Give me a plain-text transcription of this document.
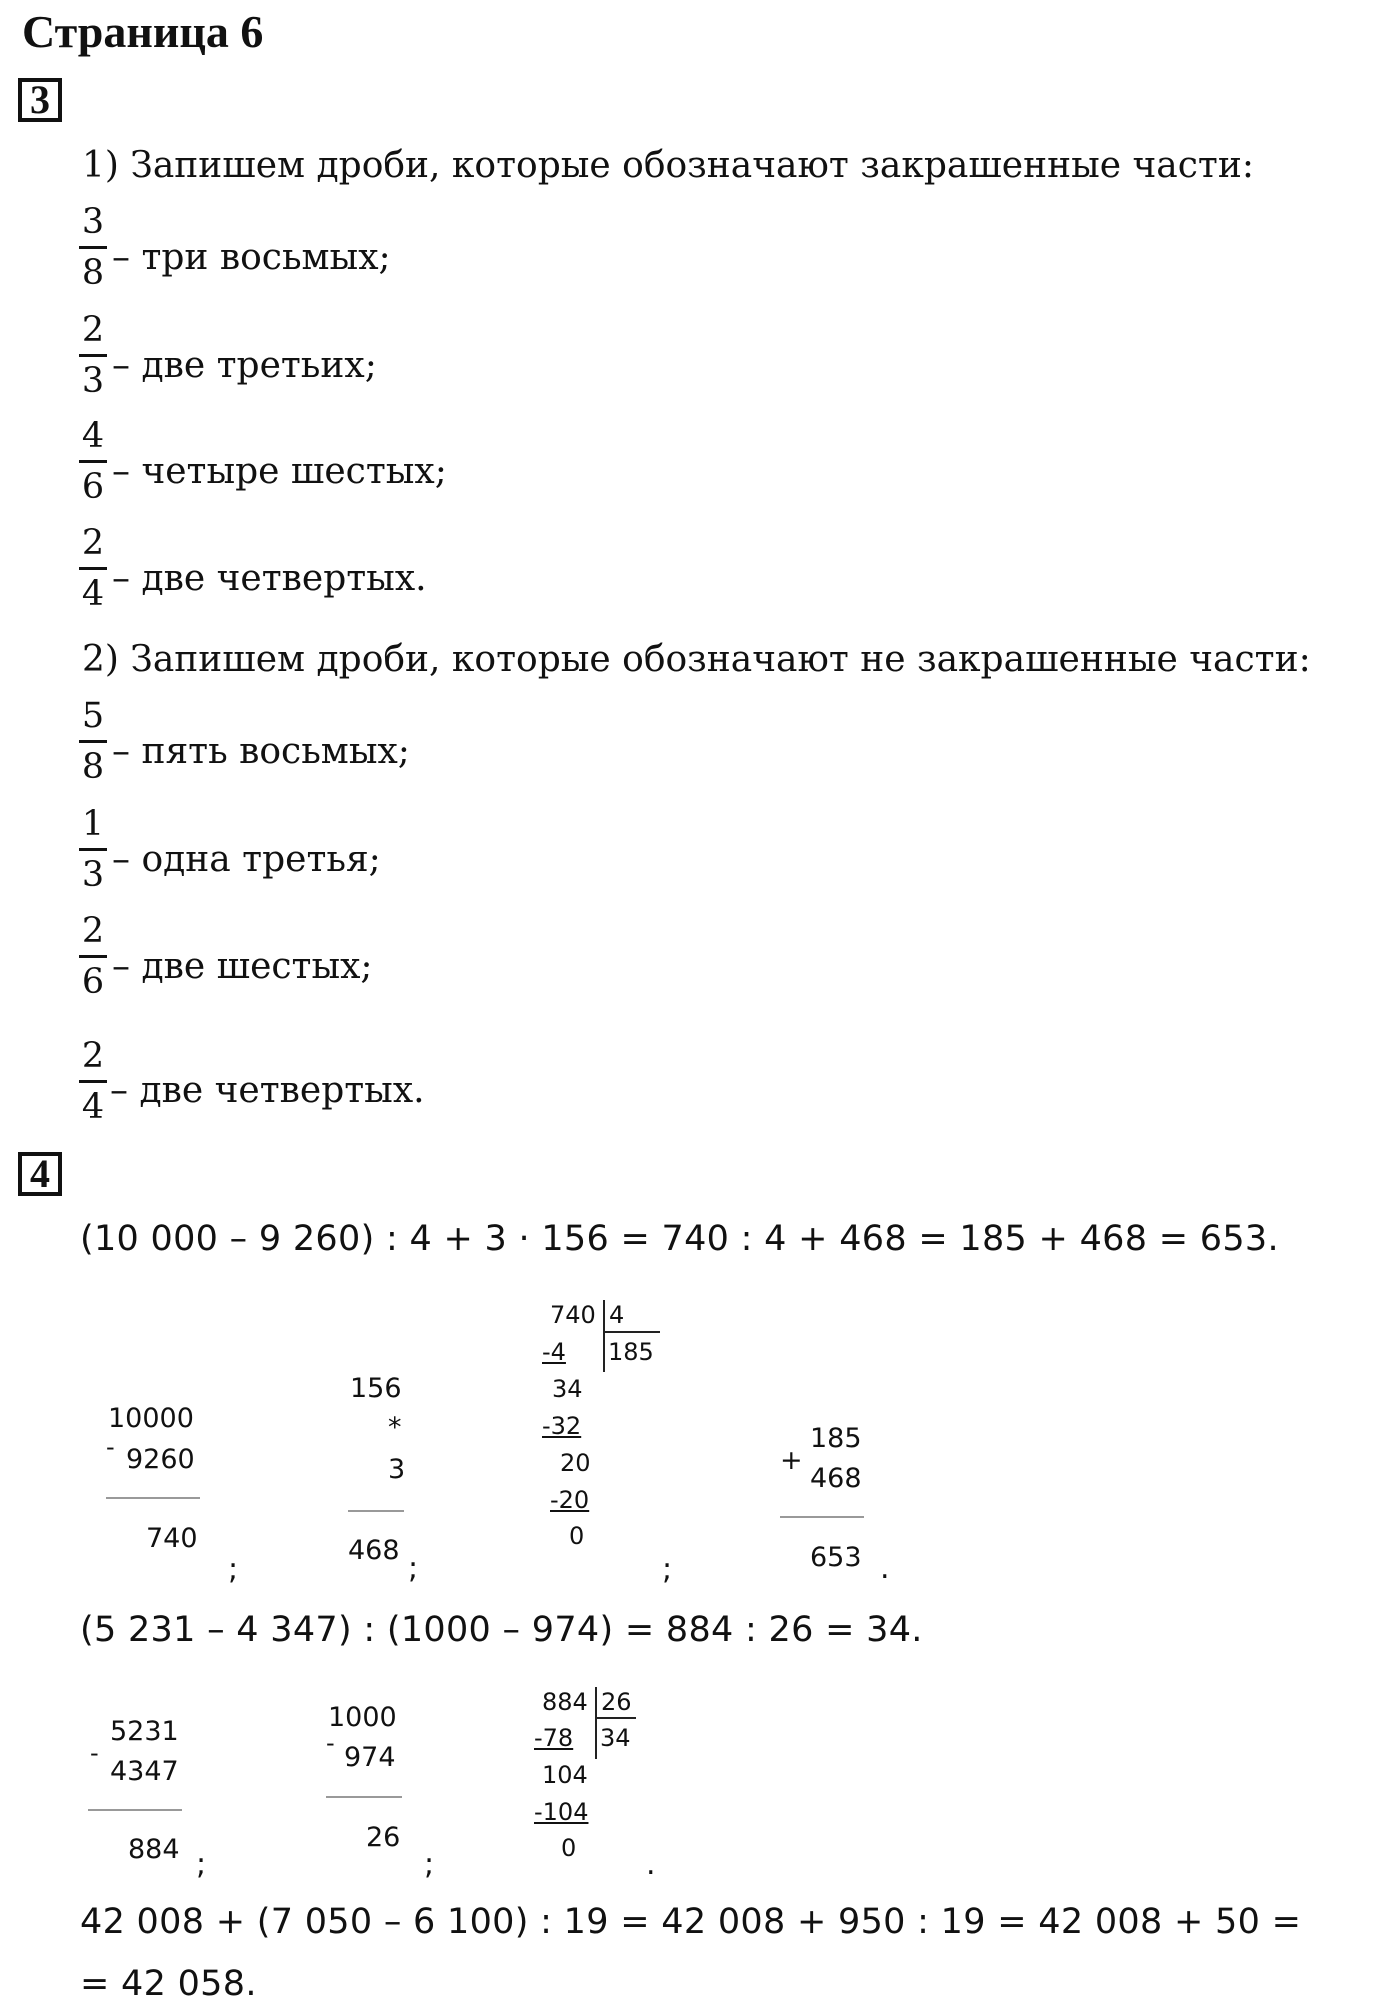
Страница 6
3
1) Запишем дроби, которые обозначают закрашенные части:
3
8 – три восьмых;
2
3 – две третьих;
4
6 – четыре шестых;
2
4 – две четвертых.
2) Запишем дроби, которые обозначают не закрашенные части:
5
8 – пять восьмых;
1
3 – одна третья;
2
6 – две шестых;
2
4 – две четвертых.
4
(10 000 – 9 260) : 4 + 3 · 156 = 740 : 4 + 468 = 185 + 468 = 653.
10000
- 9260
740
;
156
*
3
468
;
740 4
185
-4
34
-32
20
-20
0
;
185
+
468
653 .
(5 231 – 4 347) : (1000 – 974) = 884 : 26 = 34.
5231
-
4347
884 ;
1000
- 974
26
;
884 26
34
-78
104
-104
0 .
42 008 + (7 050 – 6 100) : 19 = 42 008 + 950 : 19 = 42 008 + 50 =
= 42 058.
